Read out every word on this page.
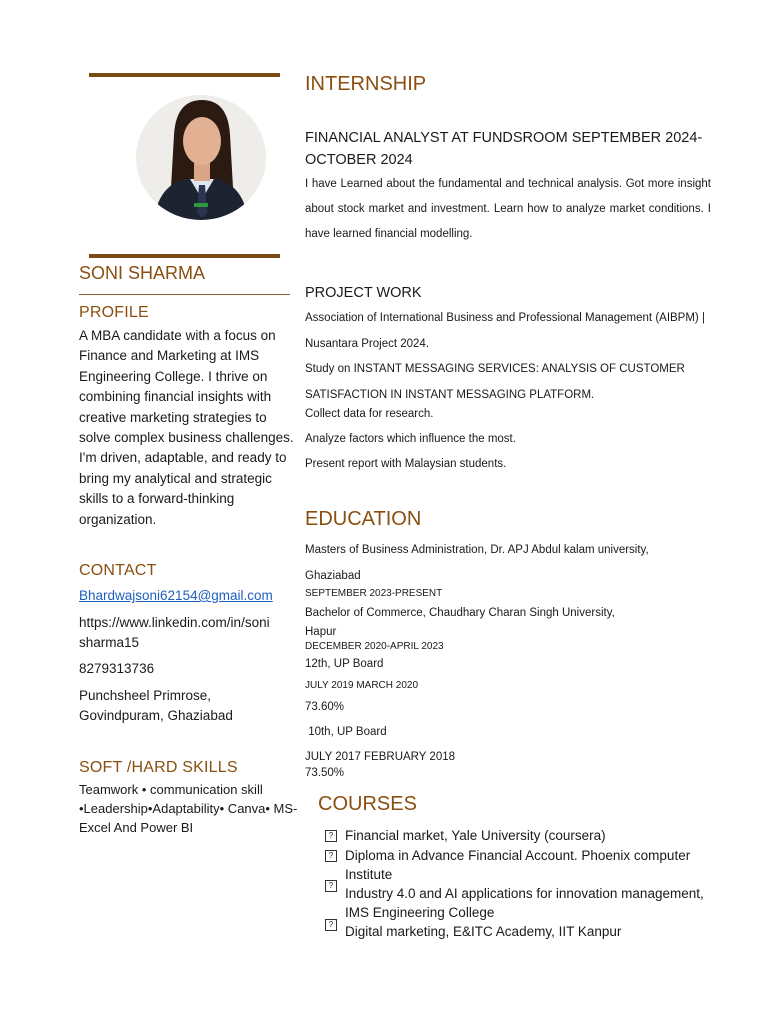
SONI SHARMA
PROFILE
A MBA candidate with a focus on Finance and Marketing at IMS Engineering College. I thrive on combining financial insights with creative marketing strategies to solve complex business challenges. I'm driven, adaptable, and ready to bring my analytical and strategic skills to a forward-thinking organization.
CONTACT
Bhardwajsoni62154@gmail.com
https://www.linkedin.com/in/soni sharma15
8279313736
Punchsheel Primrose, Govindpuram, Ghaziabad
SOFT /HARD SKILLS
Teamwork • communication skill •Leadership•Adaptability• Canva• MS-Excel And Power BI
INTERNSHIP
FINANCIAL ANALYST AT FUNDSROOM SEPTEMBER 2024-OCTOBER 2024
I have Learned about the fundamental and technical analysis. Got more insight about stock market and investment. Learn how to analyze market conditions. I have learned financial modelling.
PROJECT WORK
Association of International Business and Professional Management (AIBPM) | Nusantara Project 2024.
Study on INSTANT MESSAGING SERVICES: ANALYSIS OF CUSTOMER SATISFACTION IN INSTANT MESSAGING PLATFORM.
Collect data for research.
Analyze factors which influence the most.
Present report with Malaysian students.
EDUCATION
Masters of Business Administration, Dr. APJ Abdul kalam university, Ghaziabad
SEPTEMBER 2023-PRESENT
Bachelor of Commerce, Chaudhary Charan Singh University, Hapur
DECEMBER 2020-APRIL 2023
12th, UP Board
JULY 2019 MARCH 2020
73.60%
10th, UP Board
JULY 2017 FEBRUARY 2018
73.50%
COURSES
? Financial market, Yale University (coursera)
? Diploma in Advance Financial Account. Phoenix computer Institute
?
Industry 4.0 and AI applications for innovation management, IMS Engineering College
? Digital marketing, E&ITC Academy, IIT Kanpur
